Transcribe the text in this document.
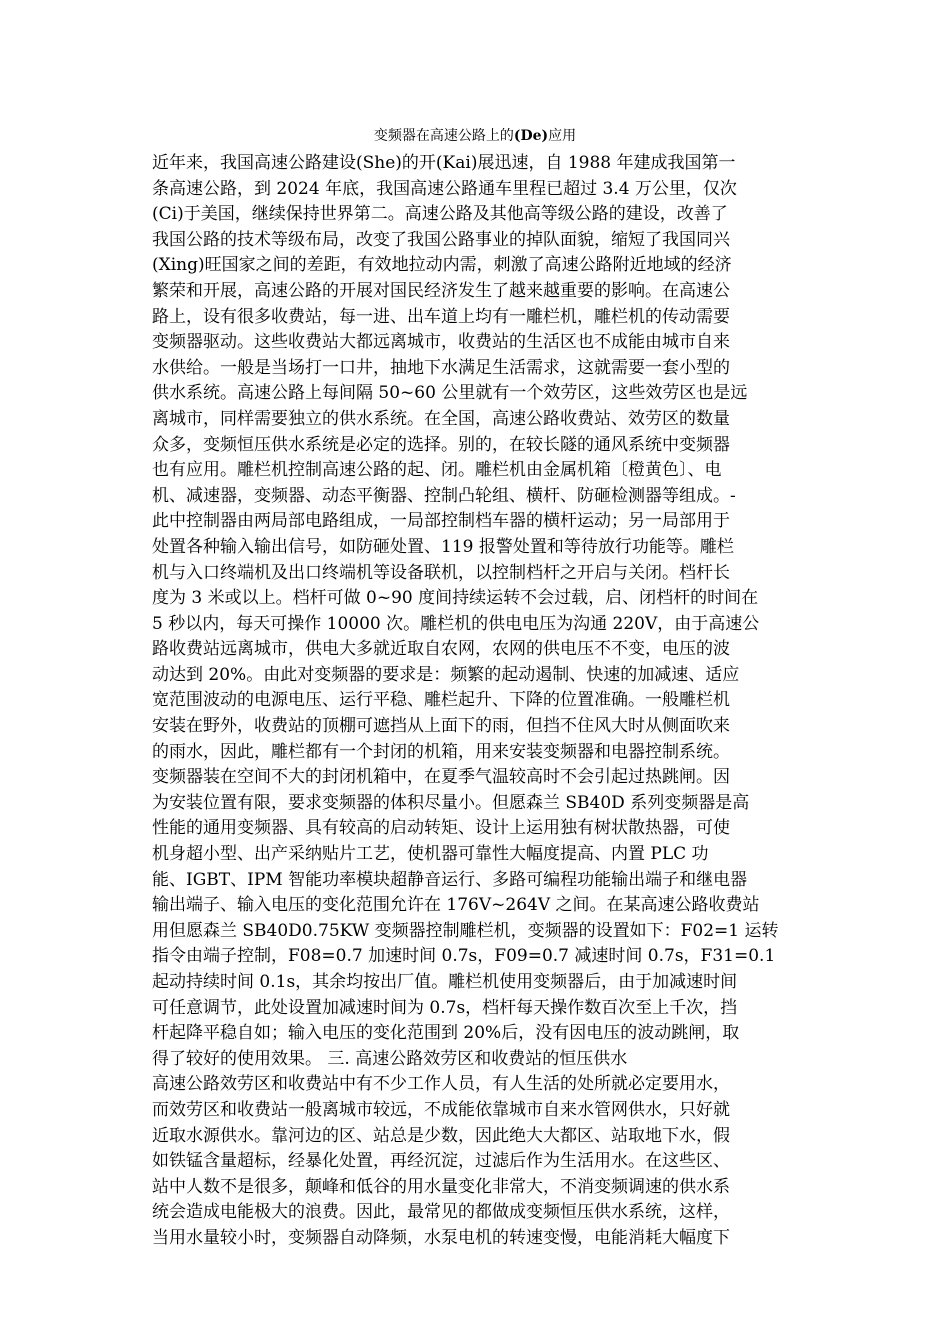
变频器在高速公路上的(De)应用
近年来，我国高速公路建设(She)的开(Kai)展迅速，自 1988 年建成我国第一
条高速公路，到 2024 年底，我国高速公路通车里程已超过 3.4 万公里，仅次
(Ci)于美国，继续保持世界第二。高速公路及其他高等级公路的建设，改善了
我国公路的技术等级布局，改变了我国公路事业的掉队面貌，缩短了我国同兴
(Xing)旺国家之间的差距，有效地拉动内需，刺激了高速公路附近地域的经济
繁荣和开展，高速公路的开展对国民经济发生了越来越重要的影响。在高速公
路上，设有很多收费站，每一进、出车道上均有一雕栏机，雕栏机的传动需要
变频器驱动。这些收费站大都远离城市，收费站的生活区也不成能由城市自来
水供给。一般是当场打一口井，抽地下水满足生活需求，这就需要一套小型的
供水系统。高速公路上每间隔 50~60 公里就有一个效劳区，这些效劳区也是远
离城市，同样需要独立的供水系统。在全国，高速公路收费站、效劳区的数量
众多，变频恒压供水系统是必定的选择。别的，在较长隧的通风系统中变频器
也有应用。雕栏机控制高速公路的起、闭。雕栏机由金属机箱〔橙黄色〕、电
机、减速器，变频器、动态平衡器、控制凸轮组、横杆、防砸检测器等组成。-
此中控制器由两局部电路组成，一局部控制档车器的横杆运动；另一局部用于
处置各种输入输出信号，如防砸处置、119 报警处置和等待放行功能等。雕栏
机与入口终端机及出口终端机等设备联机，以控制档杆之开启与关闭。档杆长
度为 3 米或以上。档杆可做 0~90 度间持续运转不会过载，启、闭档杆的时间在
5 秒以内，每天可操作 10000 次。雕栏机的供电电压为沟通 220V，由于高速公
路收费站远离城市，供电大多就近取自农网，农网的供电压不不变，电压的波
动达到 20%。由此对变频器的要求是：频繁的起动遏制、快速的加减速、适应
宽范围波动的电源电压、运行平稳、雕栏起升、下降的位置准确。一般雕栏机
安装在野外，收费站的顶棚可遮挡从上面下的雨，但挡不住风大时从侧面吹来
的雨水，因此，雕栏都有一个封闭的机箱，用来安装变频器和电器控制系统。
变频器装在空间不大的封闭机箱中，在夏季气温较高时不会引起过热跳闸。因
为安装位置有限，要求变频器的体积尽量小。但愿森兰 SB40D 系列变频器是高
性能的通用变频器、具有较高的启动转矩、设计上运用独有树状散热器，可使
机身超小型、出产采纳贴片工艺，使机器可靠性大幅度提高、内置 PLC 功
能、IGBT、IPM 智能功率模块超静音运行、多路可编程功能输出端子和继电器
输出端子、输入电压的变化范围允许在 176V~264V 之间。在某高速公路收费站
用但愿森兰 SB40D0.75KW 变频器控制雕栏机，变频器的设置如下：F02=1 运转
指令由端子控制，F08=0.7 加速时间 0.7s，F09=0.7 减速时间 0.7s，F31=0.1
起动持续时间 0.1s，其余均按出厂值。雕栏机使用变频器后，由于加减速时间
可任意调节，此处设置加减速时间为 0.7s，档杆每天操作数百次至上千次，挡
杆起降平稳自如；输入电压的变化范围到 20%后，没有因电压的波动跳闸，取
得了较好的使用效果。 三. 高速公路效劳区和收费站的恒压供水
高速公路效劳区和收费站中有不少工作人员，有人生活的处所就必定要用水，
而效劳区和收费站一般离城市较远，不成能依靠城市自来水管网供水，只好就
近取水源供水。靠河边的区、站总是少数，因此绝大大都区、站取地下水，假
如铁锰含量超标，经暴化处置，再经沉淀，过滤后作为生活用水。在这些区、
站中人数不是很多，颠峰和低谷的用水量变化非常大，不消变频调速的供水系
统会造成电能极大的浪费。因此，最常见的都做成变频恒压供水系统，这样，
当用水量较小时，变频器自动降频，水泵电机的转速变慢，电能消耗大幅度下
